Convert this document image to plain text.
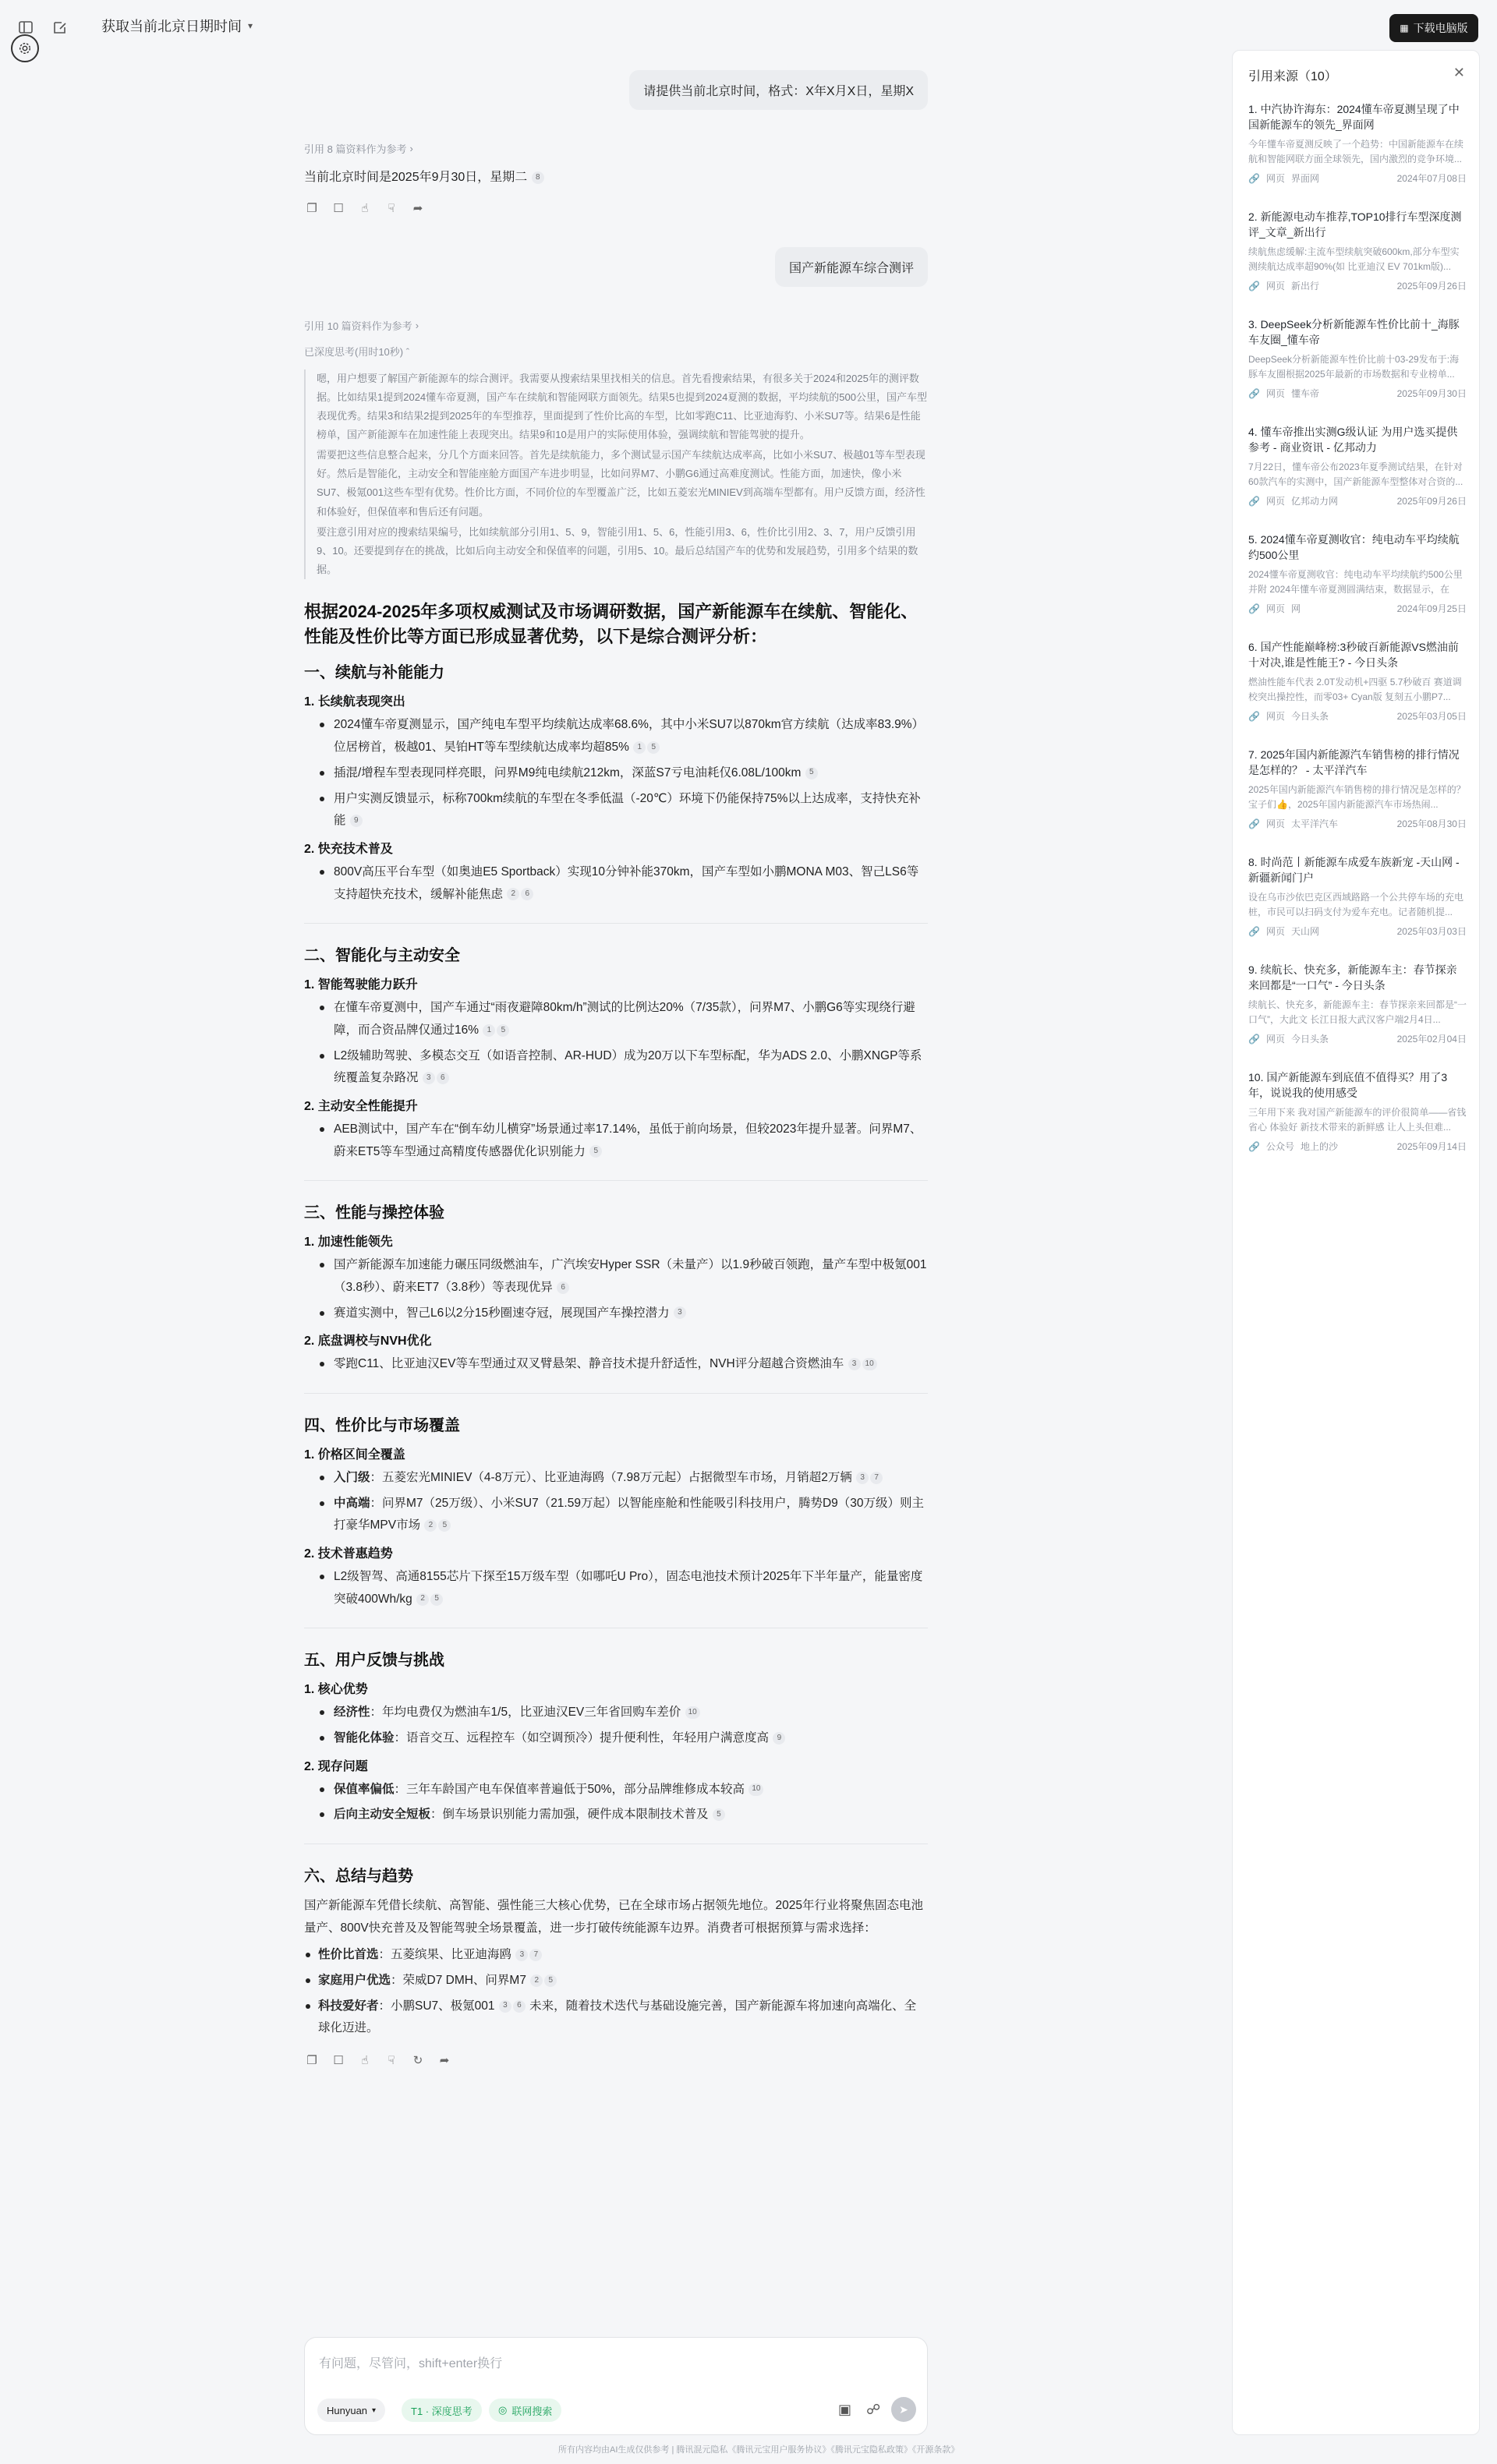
获取当前北京日期时间 ▾	▦ 下载电脑版
请提供当前北京时间，格式：X年X月X日，星期X
引用 8 篇资料作为参考 ›
当前北京时间是2025年9月30日，星期二 8
❐ ☐	☝	☟	➦
国产新能源车综合测评
引用 10 篇资料作为参考 ›
已深度思考(用时10秒) ˆ

嗯，用户想要了解国产新能源车的综合测评。我需要从搜索结果里找相关的信息。首先看搜索结果，有很多关于2024和2025年的测评数据。比如结果1提到2024懂车帝夏测，国产车在续航和智能网联方面领先。结果5也提到2024夏测的数据，平均续航的500公里，国产车型表现优秀。结果3和结果2提到2025年的车型推荐，里面提到了性价比高的车型，比如零跑C11、比亚迪海豹、小米SU7等。结果6是性能榜单，国产新能源车在加速性能上表现突出。结果9和10是用户的实际使用体验，强调续航和智能驾驶的提升。

需要把这些信息整合起来，分几个方面来回答。首先是续航能力，多个测试显示国产车续航达成率高，比如小米SU7、极越01等车型表现好。然后是智能化，主动安全和智能座舱方面国产车进步明显，比如问界M7、小鹏G6通过高难度测试。性能方面，加速快，像小米SU7、极氪001这些车型有优势。性价比方面，不同价位的车型覆盖广泛，比如五菱宏光MINIEV到高端车型都有。用户反馈方面，经济性和体验好，但保值率和售后还有问题。

要注意引用对应的搜索结果编号，比如续航部分引用1、5、9，智能引用1、5、6，性能引用3、6，性价比引用2、3、7，用户反馈引用9、10。还要提到存在的挑战，比如后向主动安全和保值率的问题，引用5、10。最后总结国产车的优势和发展趋势，引用多个结果的数据。

根据2024-2025年多项权威测试及市场调研数据，国产新能源车在续航、智能化、性能及性价比等方面已形成显著优势，以下是综合测评分析：
一、续航与补能能力
1. 长续航表现突出
2024懂车帝夏测显示，国产纯电车型平均续航达成率68.6%，其中小米SU7以870km官方续航（达成率83.9%）位居榜首，极越01、昊铂HT等车型续航达成率均超85% 1 5
插混/增程车型表现同样亮眼，问界M9纯电续航212km，深蓝S7亏电油耗仅6.08L/100km 5
用户实测反馈显示，标称700km续航的车型在冬季低温（-20℃）环境下仍能保持75%以上达成率，支持快充补能 9
2. 快充技术普及
800V高压平台车型（如奥迪E5 Sportback）实现10分钟补能370km，国产车型如小鹏MONA M03、智己LS6等支持超快充技术，缓解补能焦虑 2 6
二、智能化与主动安全
1. 智能驾驶能力跃升
在懂车帝夏测中，国产车通过“雨夜避障80km/h”测试的比例达20%（7/35款），问界M7、小鹏G6等实现绕行避障，而合资品牌仅通过16% 1 5
L2级辅助驾驶、多模态交互（如语音控制、AR-HUD）成为20万以下车型标配，华为ADS 2.0、小鹏XNGP等系统覆盖复杂路况 3 6
2. 主动安全性能提升
AEB测试中，国产车在“倒车幼儿横穿”场景通过率17.14%，虽低于前向场景，但较2023年提升显著。问界M7、蔚来ET5等车型通过高精度传感器优化识别能力 5
三、性能与操控体验
1. 加速性能领先
国产新能源车加速能力碾压同级燃油车，广汽埃安Hyper SSR（未量产）以1.9秒破百领跑，量产车型中极氪001（3.8秒）、蔚来ET7（3.8秒）等表现优异 6
赛道实测中，智己L6以2分15秒圈速夺冠，展现国产车操控潜力 3
2. 底盘调校与NVH优化
零跑C11、比亚迪汉EV等车型通过双叉臂悬架、静音技术提升舒适性，NVH评分超越合资燃油车 3 10
四、性价比与市场覆盖
1. 价格区间全覆盖
入门级：五菱宏光MINIEV（4-8万元）、比亚迪海鸥（7.98万元起）占据微型车市场，月销超2万辆 3 7
中高端：问界M7（25万级）、小米SU7（21.59万起）以智能座舱和性能吸引科技用户，腾势D9（30万级）则主打豪华MPV市场 2 5
2. 技术普惠趋势
L2级智驾、高通8155芯片下探至15万级车型（如哪吒U Pro），固态电池技术预计2025年下半年量产，能量密度突破400Wh/kg 2 5
五、用户反馈与挑战
1. 核心优势
经济性：年均电费仅为燃油车1/5，比亚迪汉EV三年省回购车差价 10
智能化体验：语音交互、远程控车（如空调预冷）提升便利性，年轻用户满意度高 9
2. 现存问题
保值率偏低：三年车龄国产电车保值率普遍低于50%，部分品牌维修成本较高 10
后向主动安全短板：倒车场景识别能力需加强，硬件成本限制技术普及 5
六、总结与趋势

国产新能源车凭借长续航、高智能、强性能三大核心优势，已在全球市场占据领先地位。2025年行业将聚焦固态电池量产、800V快充普及及智能驾驶全场景覆盖，进一步打破传统能源车边界。消费者可根据预算与需求选择：

性价比首选：五菱缤果、比亚迪海鸥 3 7
家庭用户优选：荣威D7 DMH、问界M7 2 5
科技爱好者：小鹏SU7、极氪001 3 6 未来，随着技术迭代与基础设施完善，国产新能源车将加速向高端化、全球化迈进。
❐ ☐	☝	☟	↻ ➦
有问题，尽管问，shift+enter换行
Hunyuan ▾	T1 · 深度思考	◎ 联网搜索	▣ ☍	➤
所有内容均由AI生成仅供参考 | 腾讯混元隐私《腾讯元宝用户服务协议》《腾讯元宝隐私政策》《开源条款》
引用来源（10）	✕
1. 中汽协许海东：2024懂车帝夏测呈现了中国新能源车的领先_界面网
今年懂车帝夏测反映了一个趋势：中国新能源车在续航和智能网联方面全球领先，国内激烈的竞争环境...
🔗 网页 界面网	2024年07月08日
2. 新能源电动车推荐,TOP10排行车型深度测评_文章_新出行
续航焦虑缓解:主流车型续航突破600km,部分车型实测续航达成率超90%(如 比亚迪汉 EV 701km版)...
🔗 网页 新出行	2025年09月26日
3. DeepSeek分析新能源车性价比前十_海豚车友圈_懂车帝
DeepSeek分析新能源车性价比前十03-29发布于:海豚车友圈根据2025年最新的市场数据和专业榜单...
🔗 网页 懂车帝	2025年09月30日
4. 懂车帝推出实测G级认证 为用户选买提供参考 - 商业资讯 - 亿邦动力
7月22日，懂车帝公布2023年夏季测试结果，在针对60款汽车的实测中，国产新能源车型整体对合资的...
🔗 网页 亿邦动力网	2025年09月26日
5. 2024懂车帝夏测收官：纯电动车平均续航约500公里
2024懂车帝夏测收官：纯电动车平均续航约500公里并附 2024年懂车帝夏测圆满结束，数据显示，在
🔗 网页 网	2024年09月25日
6. 国产性能巅峰榜:3秒破百新能源VS燃油前十对决,谁是性能王? - 今日头条
燃油性能车代表 2.0T发动机+四驱 5.7秒破百 赛道调校突出操控性，而零03+ Cyan版 复刻五小鹏P7...
🔗 网页 今日头条	2025年03月05日
7. 2025年国内新能源汽车销售榜的排行情况是怎样的？ - 太平洋汽车
2025年国内新能源汽车销售榜的排行情况是怎样的？ 宝子们👍，2025年国内新能源汽车市场热闹...
🔗 网页 太平洋汽车	2025年08月30日
8. 时尚范丨新能源车成爱车族新宠 -天山网 - 新疆新闻门户
设在乌市沙依巴克区西域路路一个公共停车场的充电桩，市民可以扫码支付为爱车充电。记者随机提...
🔗 网页 天山网	2025年03月03日
9. 续航长、快充多，新能源车主：春节探亲来回都是“一口气” - 今日头条
续航长、快充多，新能源车主：春节探亲来回都是“一口气”，大此文 长江日报大武汉客户端2月4日...
🔗 网页 今日头条	2025年02月04日
10. 国产新能源车到底值不值得买？用了3年，说说我的使用感受
三年用下来 我对国产新能源车的评价很简单——省钱省心 体验好 新技术带来的新鲜感 让人上头但难...
🔗 公众号 地上的沙	2025年09月14日
